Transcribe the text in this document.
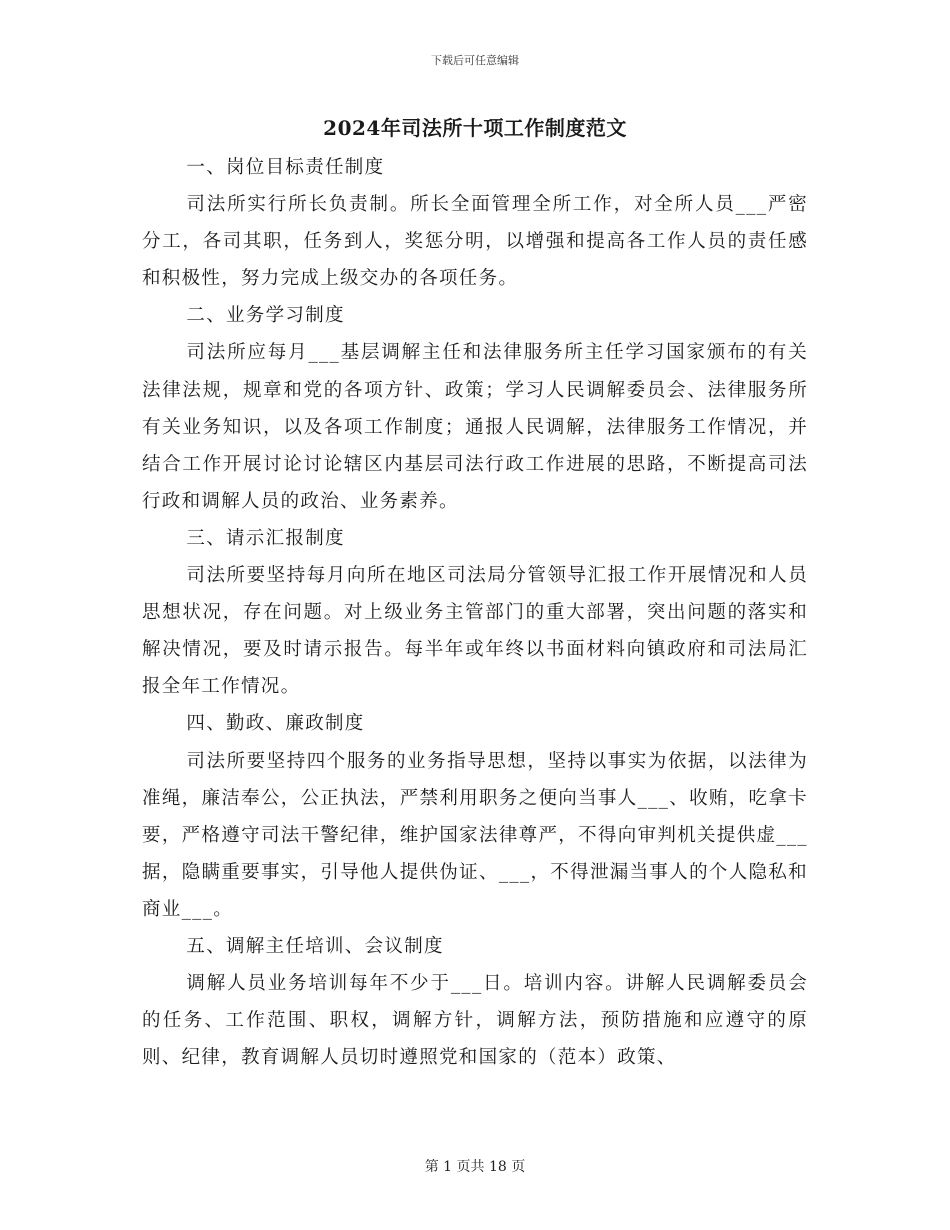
下载后可任意编辑
2024年司法所十项工作制度范文

一、岗位目标责任制度

司法所实行所长负责制。所长全面管理全所工作，对全所人员___严密分工，各司其职，任务到人，奖惩分明，以增强和提高各工作人员的责任感和积极性，努力完成上级交办的各项任务。

二、业务学习制度

司法所应每月___基层调解主任和法律服务所主任学习国家颁布的有关法律法规，规章和党的各项方针、政策；学习人民调解委员会、法律服务所有关业务知识，以及各项工作制度；通报人民调解，法律服务工作情况，并结合工作开展讨论讨论辖区内基层司法行政工作进展的思路，不断提高司法行政和调解人员的政治、业务素养。

三、请示汇报制度

司法所要坚持每月向所在地区司法局分管领导汇报工作开展情况和人员思想状况，存在问题。对上级业务主管部门的重大部署，突出问题的落实和解决情况，要及时请示报告。每半年或年终以书面材料向镇政府和司法局汇报全年工作情况。

四、勤政、廉政制度

司法所要坚持四个服务的业务指导思想，坚持以事实为依据，以法律为准绳，廉洁奉公，公正执法，严禁利用职务之便向当事人___、收贿，吃拿卡要，严格遵守司法干警纪律，维护国家法律尊严，不得向审判机关提供虚___据，隐瞒重要事实，引导他人提供伪证、___，不得泄漏当事人的个人隐私和商业___。

五、调解主任培训、会议制度

调解人员业务培训每年不少于___日。培训内容。讲解人民调解委员会的任务、工作范围、职权，调解方针，调解方法，预防措施和应遵守的原则、纪律，教育调解人员切时遵照党和国家的（范本）政策、

第 1 页共 18 页
